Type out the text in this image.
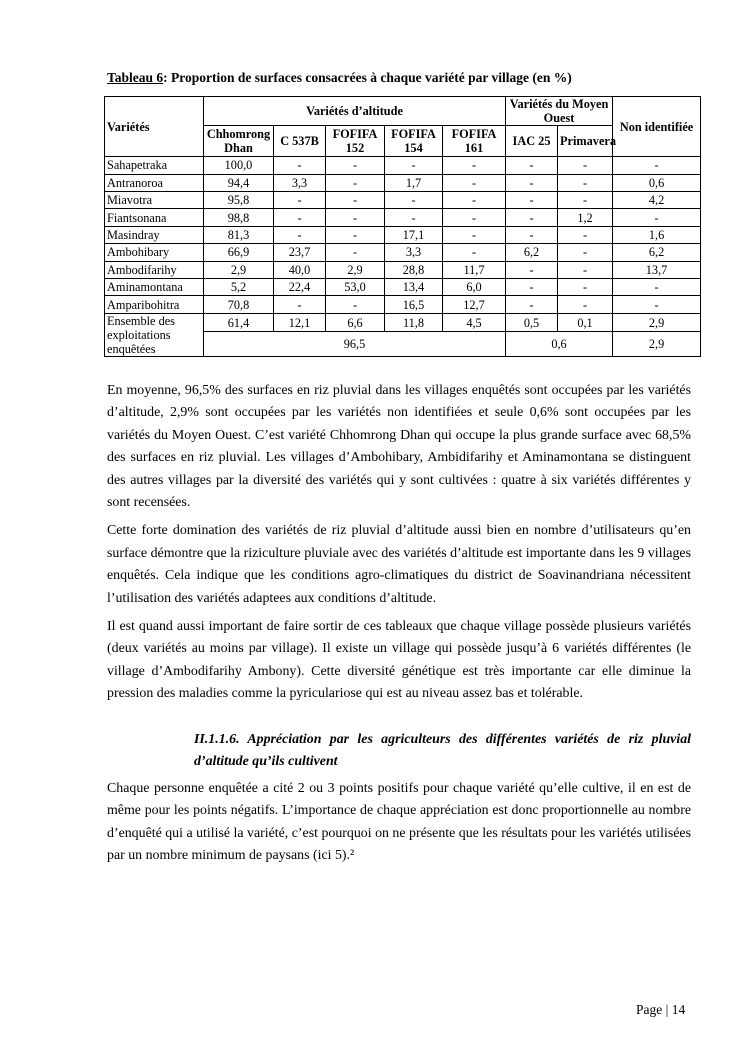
Tableau 6: Proportion de surfaces consacrées à chaque variété par village (en %)
Variétés	Variétés d’altitude					Variétés du Moyen Ouest		Non identifiée
	Chhomrong Dhan	C 537B	FOFIFA 152	FOFIFA 154	FOFIFA 161	IAC 25	Primavera	
Sahapetraka	100,0	-	-	-	-	-	-	-
Antranoroa	94,4	3,3	-	1,7	-	-	-	0,6
Miavotra	95,8	-	-	-	-	-	-	4,2
Fiantsonana	98,8	-	-	-	-	-	1,2	-
Masindray	81,3	-	-	17,1	-	-	-	1,6
Ambohibary	66,9	23,7	-	3,3	-	6,2	-	6,2
Ambodifarihy	2,9	40,0	2,9	28,8	11,7	-	-	13,7
Aminamontana	5,2	22,4	53,0	13,4	6,0	-	-	-
Amparibohitra	70,8	-	-	16,5	12,7	-	-	-
Ensemble des exploitations enquêtées	61,4	12,1	6,6	11,8	4,5	0,5	0,1	2,9
	96,5					0,6		2,9

En moyenne, 96,5% des surfaces en riz pluvial dans les villages enquêtés sont occupées par les variétés d’altitude, 2,9% sont occupées par les variétés non identifiées et seule 0,6% sont occupées par les variétés du Moyen Ouest. C’est variété Chhomrong Dhan qui occupe la plus grande surface avec 68,5% des surfaces en riz pluvial. Les villages d’Ambohibary, Ambidifarihy et Aminamontana se distinguent des autres villages par la diversité des variétés qui y sont cultivées : quatre à six variétés différentes y sont recensées.

Cette forte domination des variétés de riz pluvial d’altitude aussi bien en nombre d’utilisateurs qu’en surface démontre que la riziculture pluviale avec des variétés d’altitude est importante dans les 9 villages enquêtés. Cela indique que les conditions agro-climatiques du district de Soavinandriana nécessitent l’utilisation des variétés adaptees aux conditions d’altitude.

Il est quand aussi important de faire sortir de ces tableaux que chaque village possède plusieurs variétés (deux variétés au moins par village). Il existe un village qui possède jusqu’à 6 variétés différentes (le village d’Ambodifarihy Ambony). Cette diversité génétique est très importante car elle diminue la pression des maladies comme la pyriculariose qui est au niveau assez bas et tolérable.

II.1.1.6. Appréciation par les agriculteurs des différentes variétés de riz pluvial d’altitude qu’ils cultivent

Chaque personne enquêtée a cité 2 ou 3 points positifs pour chaque variété qu’elle cultive, il en est de même pour les points négatifs. L’importance de chaque appréciation est donc proportionnelle au nombre d’enquêté qui a utilisé la variété, c’est pourquoi on ne présente que les résultats pour les variétés utilisées par un nombre minimum de paysans (ici 5).²

Page | 14
